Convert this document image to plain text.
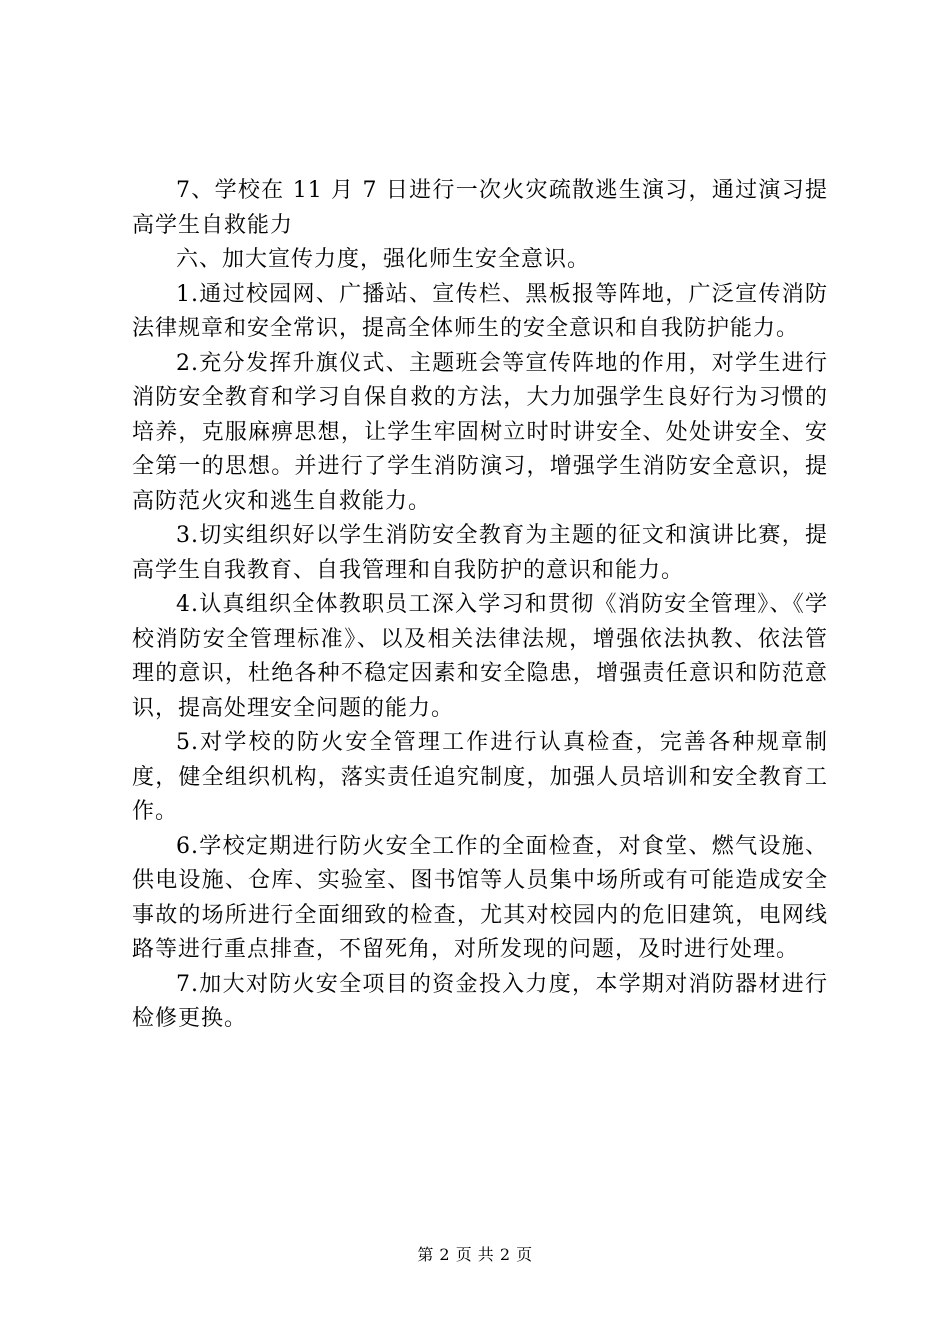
7、学校在 11 月 7 日进行一次火灾疏散逃生演习，通过演习提高学生自救能力

六、加大宣传力度，强化师生安全意识。

1.通过校园网、广播站、宣传栏、黑板报等阵地，广泛宣传消防法律规章和安全常识，提高全体师生的安全意识和自我防护能力。

2.充分发挥升旗仪式、主题班会等宣传阵地的作用，对学生进行消防安全教育和学习自保自救的方法，大力加强学生良好行为习惯的培养，克服麻痹思想，让学生牢固树立时时讲安全、处处讲安全、安全第一的思想。并进行了学生消防演习，增强学生消防安全意识，提高防范火灾和逃生自救能力。

3.切实组织好以学生消防安全教育为主题的征文和演讲比赛，提高学生自我教育、自我管理和自我防护的意识和能力。

4.认真组织全体教职员工深入学习和贯彻《消防安全管理》、《学校消防安全管理标准》、以及相关法律法规，增强依法执教、依法管理的意识，杜绝各种不稳定因素和安全隐患，增强责任意识和防范意识，提高处理安全问题的能力。

5.对学校的防火安全管理工作进行认真检查，完善各种规章制度，健全组织机构，落实责任追究制度，加强人员培训和安全教育工作。

6.学校定期进行防火安全工作的全面检查，对食堂、燃气设施、供电设施、仓库、实验室、图书馆等人员集中场所或有可能造成安全事故的场所进行全面细致的检查，尤其对校园内的危旧建筑，电网线路等进行重点排查，不留死角，对所发现的问题，及时进行处理。

7.加大对防火安全项目的资金投入力度，本学期对消防器材进行检修更换。

第 2 页 共 2 页
